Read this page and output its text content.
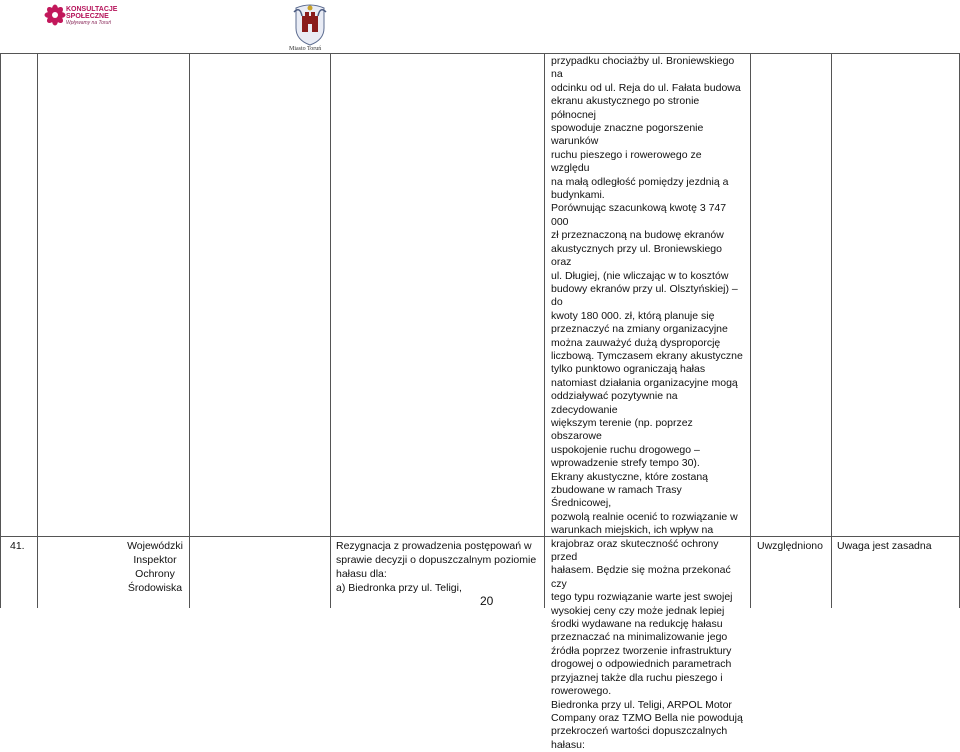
KONSULTACJE
SPOŁECZNE
Wpływamy na Toruń
Miasto Toruń
41.	Wojewódzki
Inspektor
Ochrony
Środowiska
Rezygnacja z prowadzenia postępowań w
sprawie decyzji o dopuszczalnym poziomie
hałasu dla:
a) Biedronka przy ul. Teligi,

przypadku chociażby ul. Broniewskiego na

odcinku od ul. Reja do ul. Fałata budowa

ekranu akustycznego po stronie północnej

spowoduje znaczne pogorszenie warunków

ruchu pieszego i rowerowego ze względu

na małą odległość pomiędzy jezdnią a

budynkami.

Porównując szacunkową kwotę 3 747 000

zł przeznaczoną na budowę ekranów

akustycznych przy ul. Broniewskiego oraz

ul. Długiej, (nie wliczając w to kosztów

budowy ekranów przy ul. Olsztyńskiej) – do

kwoty 180 000. zł, którą planuje się

przeznaczyć na zmiany organizacyjne

można zauważyć dużą dysproporcję

liczbową. Tymczasem ekrany akustyczne

tylko punktowo ograniczają hałas

natomiast działania organizacyjne mogą

oddziaływać pozytywnie na zdecydowanie

większym terenie (np. poprzez obszarowe

uspokojenie ruchu drogowego –

wprowadzenie strefy tempo 30).

Ekrany akustyczne, które zostaną

zbudowane w ramach Trasy Średnicowej,

pozwolą realnie ocenić to rozwiązanie w

warunkach miejskich, ich wpływ na

krajobraz oraz skuteczność ochrony przed

hałasem. Będzie się można przekonać czy

tego typu rozwiązanie warte jest swojej

wysokiej ceny czy może jednak lepiej

środki wydawane na redukcję hałasu

przeznaczać na minimalizowanie jego

źródła poprzez tworzenie infrastruktury

drogowej o odpowiednich parametrach

przyjaznej także dla ruchu pieszego i

rowerowego.

Biedronka przy ul. Teligi, ARPOL Motor

Company oraz TZMO Bella nie powodują

przekroczeń wartości dopuszczalnych

hałasu:

Uwzględniono Uwaga jest zasadna
20
